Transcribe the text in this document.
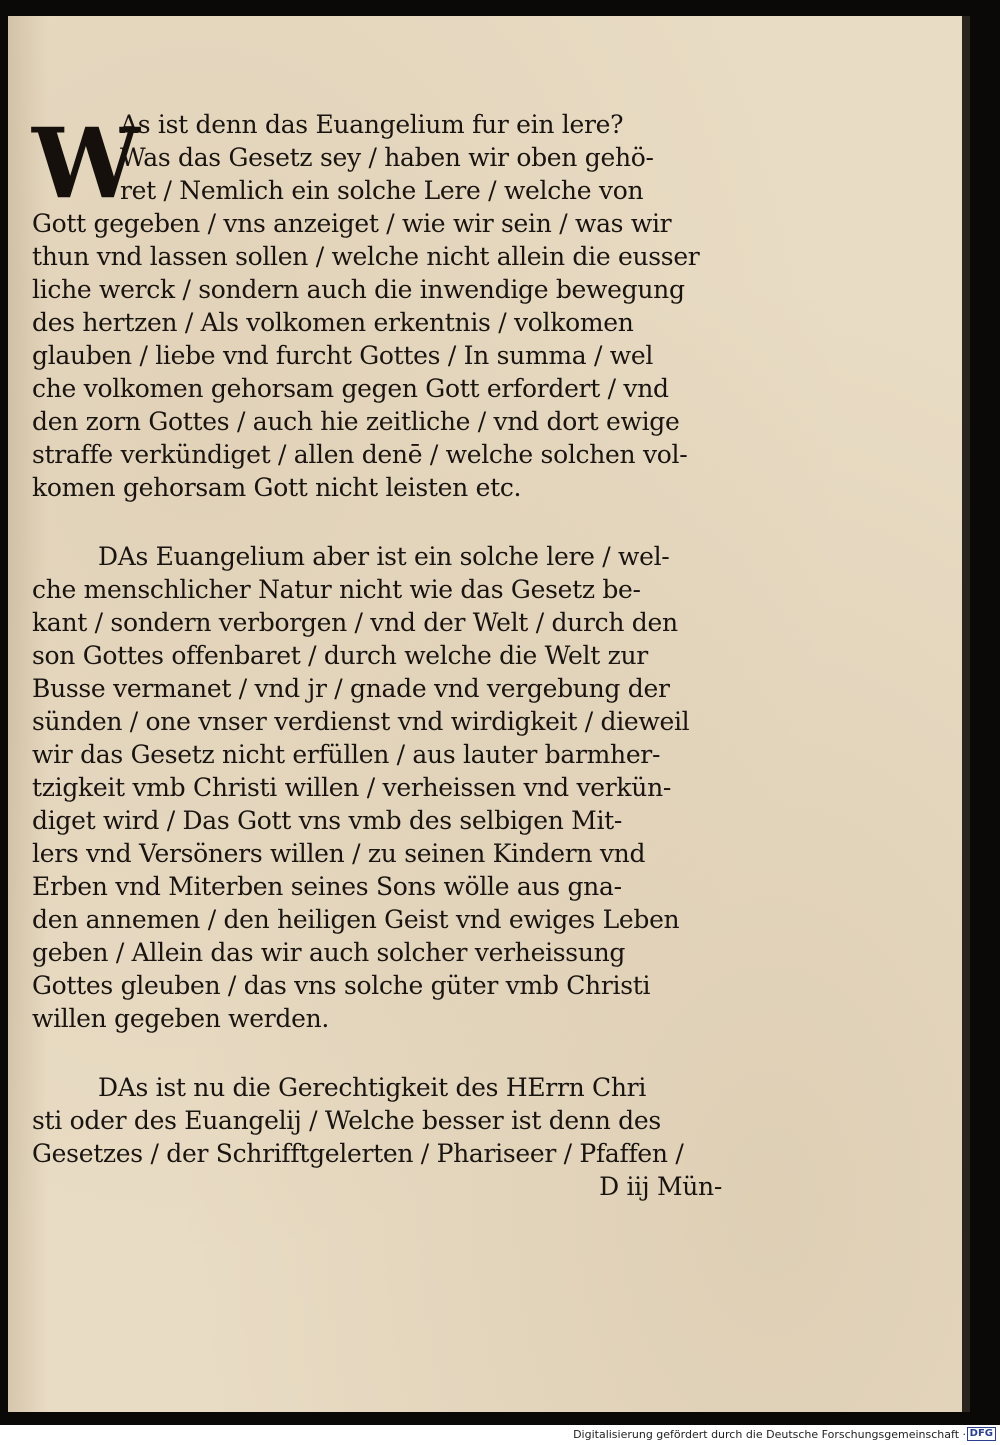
W
As ist denn das Euangelium fur ein lere?
Was das Gesetz sey / haben wir oben gehö-
ret / Nemlich ein solche Lere / welche von
Gott gegeben / vns anzeiget / wie wir sein / was wir
thun vnd lassen sollen / welche nicht allein die eusser
liche werck / sondern auch die inwendige bewegung
des hertzen / Als volkomen erkentnis / volkomen
glauben / liebe vnd furcht Gottes / In summa / wel
che volkomen gehorsam gegen Gott erfordert / vnd
den zorn Gottes / auch hie zeitliche / vnd dort ewige
straffe verkündiget / allen denē / welche solchen vol-
komen gehorsam Gott nicht leisten etc.
DAs Euangelium aber ist ein solche lere / wel-
che menschlicher Natur nicht wie das Gesetz be-
kant / sondern verborgen / vnd der Welt / durch den
son Gottes offenbaret / durch welche die Welt zur
Busse vermanet / vnd jr / gnade vnd vergebung der
sünden / one vnser verdienst vnd wirdigkeit / dieweil
wir das Gesetz nicht erfüllen / aus lauter barmher-
tzigkeit vmb Christi willen / verheissen vnd verkün-
diget wird / Das Gott vns vmb des selbigen Mit-
lers vnd Versöners willen / zu seinen Kindern vnd
Erben vnd Miterben seines Sons wölle aus gna-
den annemen / den heiligen Geist vnd ewiges Leben
geben / Allein das wir auch solcher verheissung
Gottes gleuben / das vns solche güter vmb Christi
willen gegeben werden.
DAs ist nu die Gerechtigkeit des HErrn Chri
sti oder des Euangelij / Welche besser ist denn des
Gesetzes / der Schrifftgelerten / Phariseer / Pfaffen /
D iij Mün-
Digitalisierung gefördert durch die Deutsche Forschungsgemeinschaft · DFG
